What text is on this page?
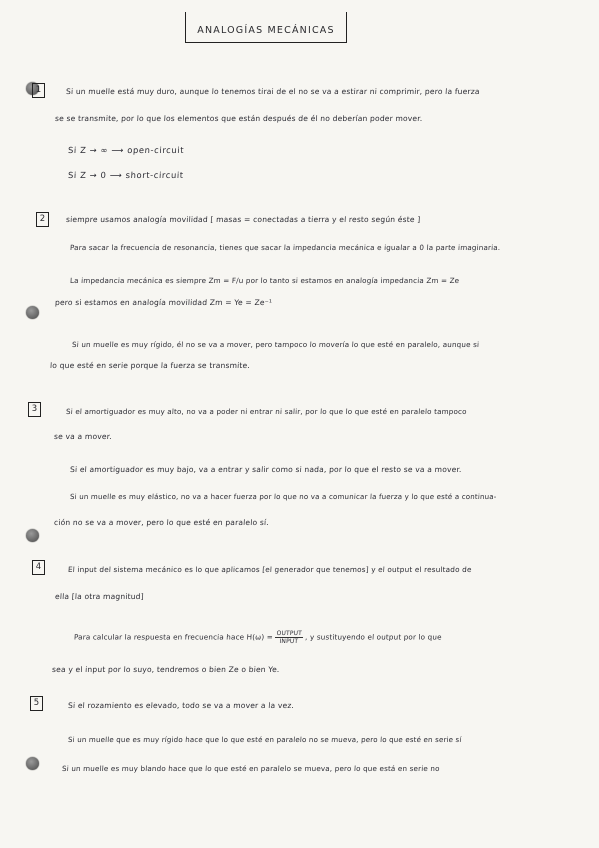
ANALOGÍAS MECÁNICAS
1	Si un muelle está muy duro, aunque lo tenemos tirai de el no se va a estirar ni comprimir, pero la fuerza
se se transmite, por lo que los elementos que están después de él no deberían poder mover.
Si Z → ∞ ⟶ open-circuit
Si Z → 0 ⟶ short-circuit
2	siempre usamos analogía movilidad [ masas = conectadas a tierra y el resto según éste ]
Para sacar la frecuencia de resonancia, tienes que sacar la impedancia mecánica e igualar a 0 la parte imaginaria.
La impedancia mecánica es siempre Zm = F/u por lo tanto si estamos en analogía impedancia Zm = Ze
pero si estamos en analogía movilidad Zm = Ye = Ze⁻¹
Si un muelle es muy rígido, él no se va a mover, pero tampoco lo movería lo que esté en paralelo, aunque si
lo que esté en serie porque la fuerza se transmite.
3	Si el amortiguador es muy alto, no va a poder ni entrar ni salir, por lo que lo que esté en paralelo tampoco
se va a mover.
Si el amortiguador es muy bajo, va a entrar y salir como si nada, por lo que el resto se va a mover.
Si un muelle es muy elástico, no va a hacer fuerza por lo que no va a comunicar la fuerza y lo que esté a continua-
ción no se va a mover, pero lo que esté en paralelo sí.
4	El input del sistema mecánico es lo que aplicamos [el generador que tenemos] y el output el resultado de
ella [la otra magnitud]
Para calcular la respuesta en frecuencia hace $H(\omega) = \frac{\text{OUTPUT}}{\text{INPUT}}$ , y sustituyendo el output por lo que
sea y el input por lo suyo, tendremos o bien Ze o bien Ye.
5	Si el rozamiento es elevado, todo se va a mover a la vez.
Si un muelle que es muy rígido hace que lo que esté en paralelo no se mueva, pero lo que esté en serie sí
Si un muelle es muy blando hace que lo que esté en paralelo se mueva, pero lo que está en serie no
